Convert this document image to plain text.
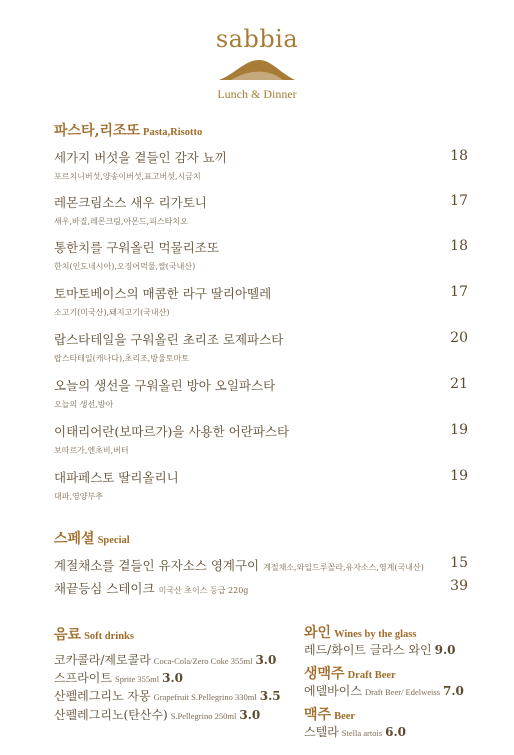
sabbia
Lunch & Dinner
파스타,리조또 Pasta,Risotto
세가지 버섯을 곁들인 감자 뇨끼
포르치니버섯,양송이버섯,표고버섯,시금치
18
레몬크림소스 새우 리가토니
새우,바질,레몬크림,아몬드,피스타치오
17
통한치를 구워올린 먹물리조또
한치(인도네시아),오징어먹물,쌀(국내산)
18
토마토베이스의 매콤한 라구 딸리아뗄레
소고기(미국산),돼지고기(국내산)
17
랍스타테일을 구워올린 초리조 로제파스타
랍스타테일(캐나다),초리조,방울토마토
20
오늘의 생선을 구워올린 방아 오일파스타
오늘의 생선,방아
21
이태리어란(보따르가)을 사용한 어란파스타
보따르가,엔초비,버터
19
대파페스토 딸리올리니
대파,영양부추
19
스페셜 Special
계절채소를 곁들인 유자소스 영계구이 계절채소,와일드루꼴라,유자소스,영계(국내산) 15
채끝등심 스테이크 미국산 초이스 등급 220g	39
음료 Soft drinks
코카콜라/제로콜라 Coca-Cola/Zero Coke 355ml 3.0
스프라이트 Sprite 355ml 3.0
산펠레그리노 자몽 Grapefruit S.Pellegrino 330ml 3.5
산펠레그리노(탄산수) S.Pellegrino 250ml 3.0
와인 Wines by the glass
레드/화이트 글라스 와인 9.0
생맥주 Draft Beer
에델바이스 Draft Beer/ Edelweiss 7.0
맥주 Beer
스텔라 Stella artois 6.0
